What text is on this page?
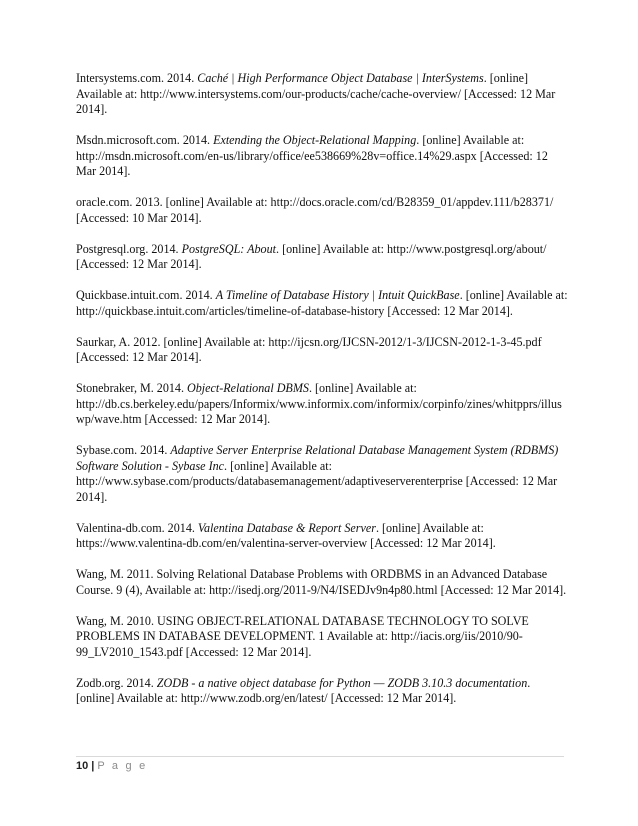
Intersystems.com. 2014. Caché | High Performance Object Database | InterSystems. [online] Available at: http://www.intersystems.com/our-products/cache/cache-overview/ [Accessed: 12 Mar 2014].

Msdn.microsoft.com. 2014. Extending the Object-Relational Mapping. [online] Available at: http://msdn.microsoft.com/en-us/library/office/ee538669%28v=office.14%29.aspx [Accessed: 12 Mar 2014].

oracle.com. 2013. [online] Available at: http://docs.oracle.com/cd/B28359_01/appdev.111/b28371/ [Accessed: 10 Mar 2014].

Postgresql.org. 2014. PostgreSQL: About. [online] Available at: http://www.postgresql.org/about/ [Accessed: 12 Mar 2014].

Quickbase.intuit.com. 2014. A Timeline of Database History | Intuit QuickBase. [online] Available at: http://quickbase.intuit.com/articles/timeline-of-database-history [Accessed: 12 Mar 2014].

Saurkar, A. 2012. [online] Available at: http://ijcsn.org/IJCSN-2012/1-3/IJCSN-2012-1-3-45.pdf [Accessed: 12 Mar 2014].

Stonebraker, M. 2014. Object-Relational DBMS. [online] Available at: http://db.cs.berkeley.edu/papers/Informix/www.informix.com/informix/corpinfo/zines/whitpprs/illuswp/wave.htm [Accessed: 12 Mar 2014].

Sybase.com. 2014. Adaptive Server Enterprise Relational Database Management System (RDBMS) Software Solution - Sybase Inc. [online] Available at: http://www.sybase.com/products/databasemanagement/adaptiveserverenterprise [Accessed: 12 Mar 2014].

Valentina-db.com. 2014. Valentina Database & Report Server. [online] Available at: https://www.valentina-db.com/en/valentina-server-overview [Accessed: 12 Mar 2014].

Wang, M. 2011. Solving Relational Database Problems with ORDBMS in an Advanced Database Course. 9 (4), Available at: http://isedj.org/2011-9/N4/ISEDJv9n4p80.html [Accessed: 12 Mar 2014].

Wang, M. 2010. USING OBJECT-RELATIONAL DATABASE TECHNOLOGY TO SOLVE PROBLEMS IN DATABASE DEVELOPMENT. 1 Available at: http://iacis.org/iis/2010/90-99_LV2010_1543.pdf [Accessed: 12 Mar 2014].

Zodb.org. 2014. ZODB - a native object database for Python — ZODB 3.10.3 documentation. [online] Available at: http://www.zodb.org/en/latest/ [Accessed: 12 Mar 2014].

10 | P a g e
